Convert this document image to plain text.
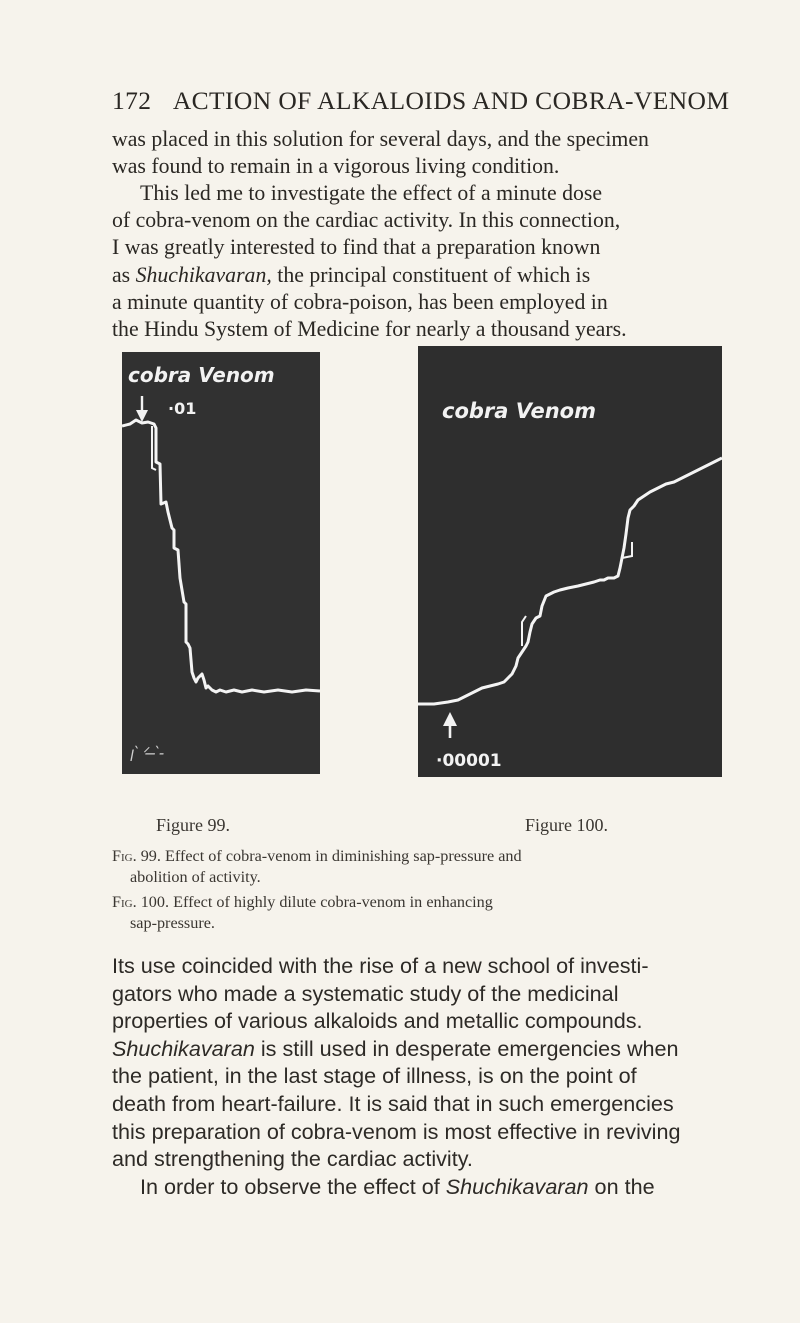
172 ACTION OF ALKALOIDS AND COBRA-VENOM

was placed in this solution for several days, and the specimen
was found to remain in a vigorous living condition.

This led me to investigate the effect of a minute dose
of cobra-venom on the cardiac activity. In this connection,
I was greatly interested to find that a preparation known
as Shuchikavaran, the principal constituent of which is
a minute quantity of cobra-poison, has been employed in
the Hindu System of Medicine for nearly a thousand years.

cobra Venom
·01
ꞁ ̀ ᐟ ̶ ̀ ̵
cobra Venom
·00001
Figure 99.	Figure 100.

Fig. 99. Effect of cobra-venom in diminishing sap-pressure and
abolition of activity.

Fig. 100. Effect of highly dilute cobra-venom in enhancing
sap-pressure.

Its use coincided with the rise of a new school of investi-
gators who made a systematic study of the medicinal
properties of various alkaloids and metallic compounds.
Shuchikavaran is still used in desperate emergencies when
the patient, in the last stage of illness, is on the point of
death from heart-failure. It is said that in such emergencies
this preparation of cobra-venom is most effective in reviving
and strengthening the cardiac activity.
In order to observe the effect of Shuchikavaran on the
